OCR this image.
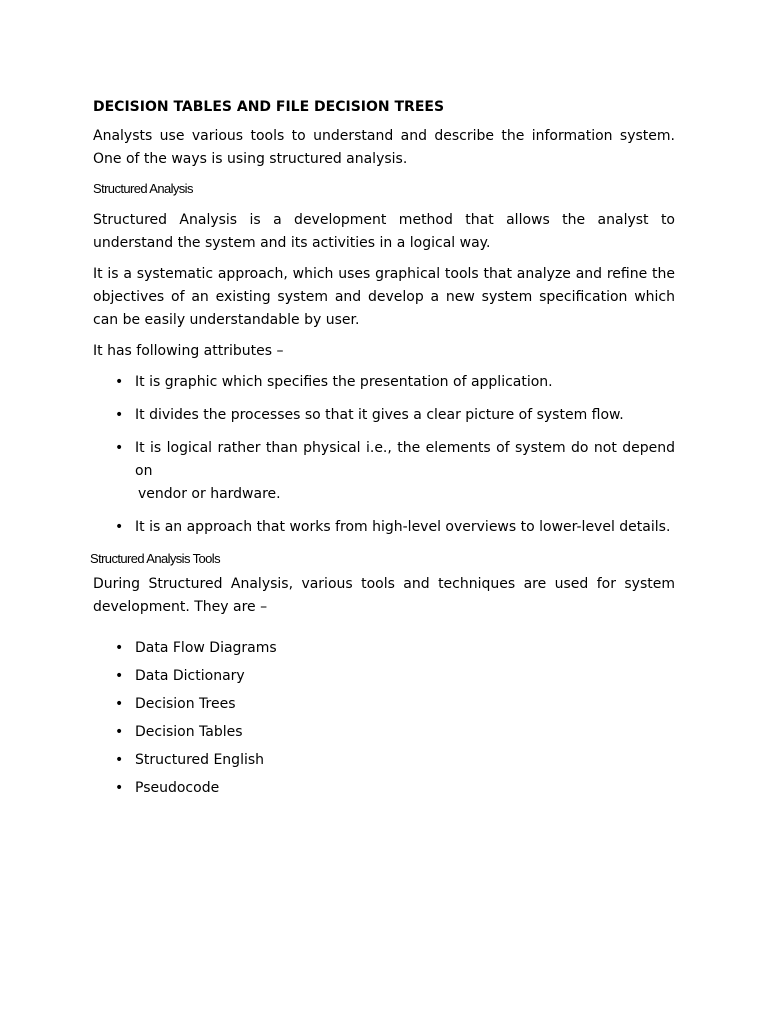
DECISION TABLES AND FILE DECISION TREES

Analysts use various tools to understand and describe the information system. One of the ways is using structured analysis.

Structured Analysis

Structured Analysis is a development method that allows the analyst to understand the system and its activities in a logical way.

It is a systematic approach, which uses graphical tools that analyze and refine the objectives of an existing system and develop a new system specification which can be easily understandable by user.

It has following attributes –

• It is graphic which specifies the presentation of application.
• It divides the processes so that it gives a clear picture of system flow.
• It is logical rather than physical i.e., the elements of system do not depend on
vendor or hardware.
• It is an approach that works from high-level overviews to lower-level details.
Structured Analysis Tools

During Structured Analysis, various tools and techniques are used for system development. They are –

• Data Flow Diagrams
• Data Dictionary
• Decision Trees
• Decision Tables
• Structured English
• Pseudocode
